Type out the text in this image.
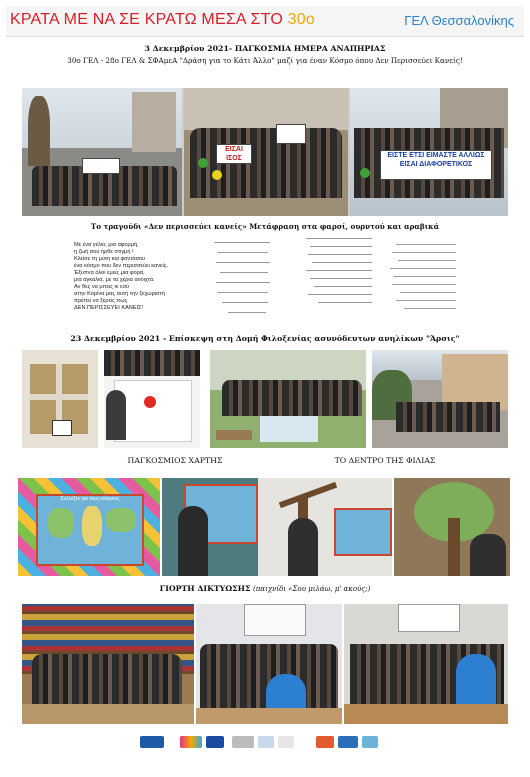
ΚΡΑΤΑ ΜΕ ΝΑ ΣΕ ΚΡΑΤΩ ΜΕΣΑ ΣΤΟ 30ο	ΓΕΛ Θεσσαλονίκης
3 Δεκεμβρίου 2021- ΠΑΓΚΟΣΜΙΑ ΗΜΕΡΑ ΑΝΑΠΗΡΙΑΣ
30ο ΓΕΛ - 28ο ΓΕΛ & ΣΦΑμεΑ "Δράση για το Κάτι Άλλο" μαζί για έναν Κόσμο όπου Δεν Περισσεύει Κανείς!
ΕΙΣΑΙ ΙΣΟΣ	ΕΙΣΤΕ ΕΤΣΙ ΕΙΜΑΣΤΕ ΑΛΛΙΩΣ
ΕΙΣΑΙ ΔΙΑΦΟΡΕΤΙΚΟΣ
Το τραγούδι «Δεν περισσεύει κανείς» Μετάφραση στα φαρσί, ουρντού και αραβικά
Με ένα γέλιο, μια αφορμή,
η ζωή σου ήρθε στιγμή !
Κλείσε τη μύτη και φαντάσου
ένα κόσμο που δεν περισσεύει κανείς.
Έξυπνα όλοι εμείς μια φορά,
μια αγκαλιά, με τα χέρια ανοιχτά.
Αν θες να μπεις κι εσύ
στην Κορίνα μας αυτή την ξεχωριστή
πρέπει να ξέρεις πως
ΔΕΝ ΠΕΡΙΣΣΕΥΕΙ ΚΑΝΕΙΣ!
23 Δεκεμβρίου 2021 - Επίσκεψη στη Δομή Φιλοξενίας ασυνόδευτων ανηλίκων "Άρσις"
ΠΑΓΚΟΣΜΙΟΣ ΧΑΡΤΗΣ	ΤΟ ΔΕΝΤΡΟ ΤΗΣ ΦΙΛΙΑΣ
Συλλέξτε για τους κόσμους
ΓΙΟΡΤΗ ΔΙΚΤΥΩΣΗΣ (παιχνίδι «Σου μιλάω, μ' ακούς;)
